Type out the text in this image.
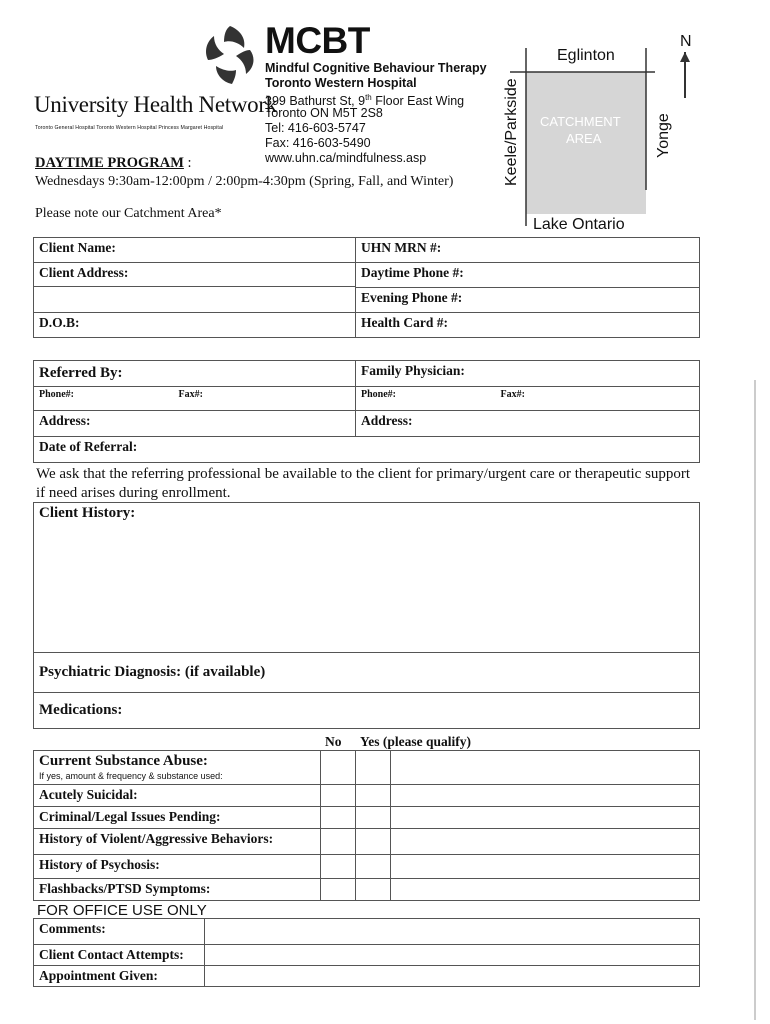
University Health Network
Toronto General Hospital Toronto Western Hospital Princess Margaret Hospital
MCBT
Mindful Cognitive Behaviour Therapy
Toronto Western Hospital
399 Bathurst St, 9th Floor East Wing
Toronto ON M5T 2S8
Tel: 416-603-5747
Fax: 416-603-5490
www.uhn.ca/mindfulness.asp
DAYTIME PROGRAM :
Wednesdays 9:30am-12:00pm / 2:00pm-4:30pm (Spring, Fall, and Winter)
Please note our Catchment Area*
N
Eglinton
Keele/Parkside	Yonge
Lake Ontario
CATCHMENT
AREA
Client Name:	UHN MRN #:

Client Address:	Daytime Phone #:
	Evening Phone #:
D.O.B:	Health Card #:
Referred By:	Family Physician:
Phone#: Fax#:	Phone#: Fax#:
Address:	Address:
Date of Referral:	
We ask that the referring professional be available to the client for primary/urgent care or therapeutic support if need arises during enrollment.
Client History:
Psychiatric Diagnosis: (if available)
Medications:
No Yes (please qualify)
Current Substance Abuse:
If yes, amount & frequency & substance used:			

Acutely Suicidal:			
Criminal/Legal Issues Pending:			
History of Violent/Aggressive Behaviors:			
History of Psychosis:			
Flashbacks/PTSD Symptoms:			
FOR OFFICE USE ONLY
Comments:	
Client Contact Attempts:	
Appointment Given:	
